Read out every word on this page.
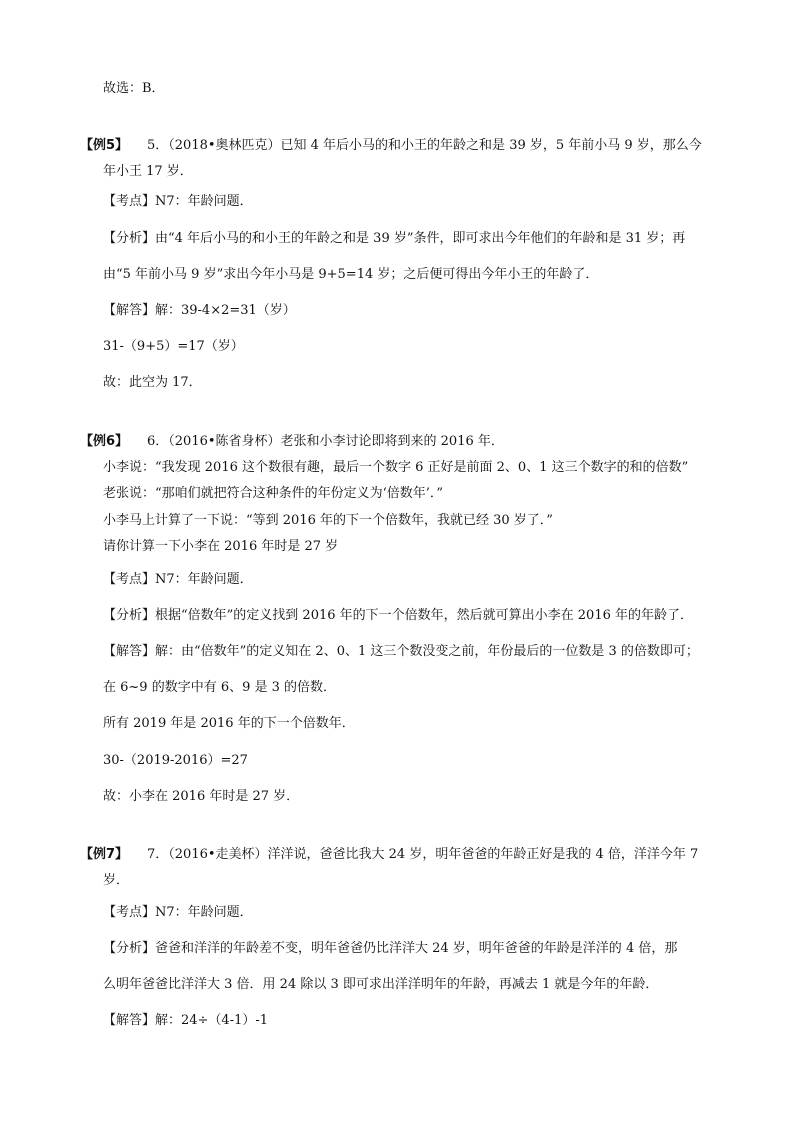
故选：B．
【例5】 5．（2018•奥林匹克）已知 4 年后小马的和小王的年龄之和是 39 岁，5 年前小马 9 岁，那么今
年小王 17 岁．
【考点】N7：年龄问题．
【分析】由“4 年后小马的和小王的年龄之和是 39 岁”条件，即可求出今年他们的年龄和是 31 岁；再
由“5 年前小马 9 岁”求出今年小马是 9+5=14 岁；之后便可得出今年小王的年龄了．
【解答】解：39-4×2=31（岁）
31-（9+5）=17（岁）
故：此空为 17．
【例6】 6．（2016•陈省身杯）老张和小李讨论即将到来的 2016 年．
小李说：“我发现 2016 这个数很有趣，最后一个数字 6 正好是前面 2、0、1 这三个数字的和的倍数”
老张说：“那咱们就把符合这种条件的年份定义为‘倍数年’．”
小李马上计算了一下说：“等到 2016 年的下一个倍数年，我就已经 30 岁了．”
请你计算一下小李在 2016 年时是 27 岁
【考点】N7：年龄问题．
【分析】根据“倍数年”的定义找到 2016 年的下一个倍数年，然后就可算出小李在 2016 年的年龄了．
【解答】解：由“倍数年”的定义知在 2、0、1 这三个数没变之前，年份最后的一位数是 3 的倍数即可；
在 6~9 的数字中有 6、9 是 3 的倍数．
所有 2019 年是 2016 年的下一个倍数年．
30-（2019-2016）=27
故：小李在 2016 年时是 27 岁．
【例7】 7．（2016•走美杯）洋洋说，爸爸比我大 24 岁，明年爸爸的年龄正好是我的 4 倍，洋洋今年 7
岁．
【考点】N7：年龄问题．
【分析】爸爸和洋洋的年龄差不变，明年爸爸仍比洋洋大 24 岁，明年爸爸的年龄是洋洋的 4 倍，那
么明年爸爸比洋洋大 3 倍．用 24 除以 3 即可求出洋洋明年的年龄，再减去 1 就是今年的年龄．
【解答】解：24÷（4-1）-1
